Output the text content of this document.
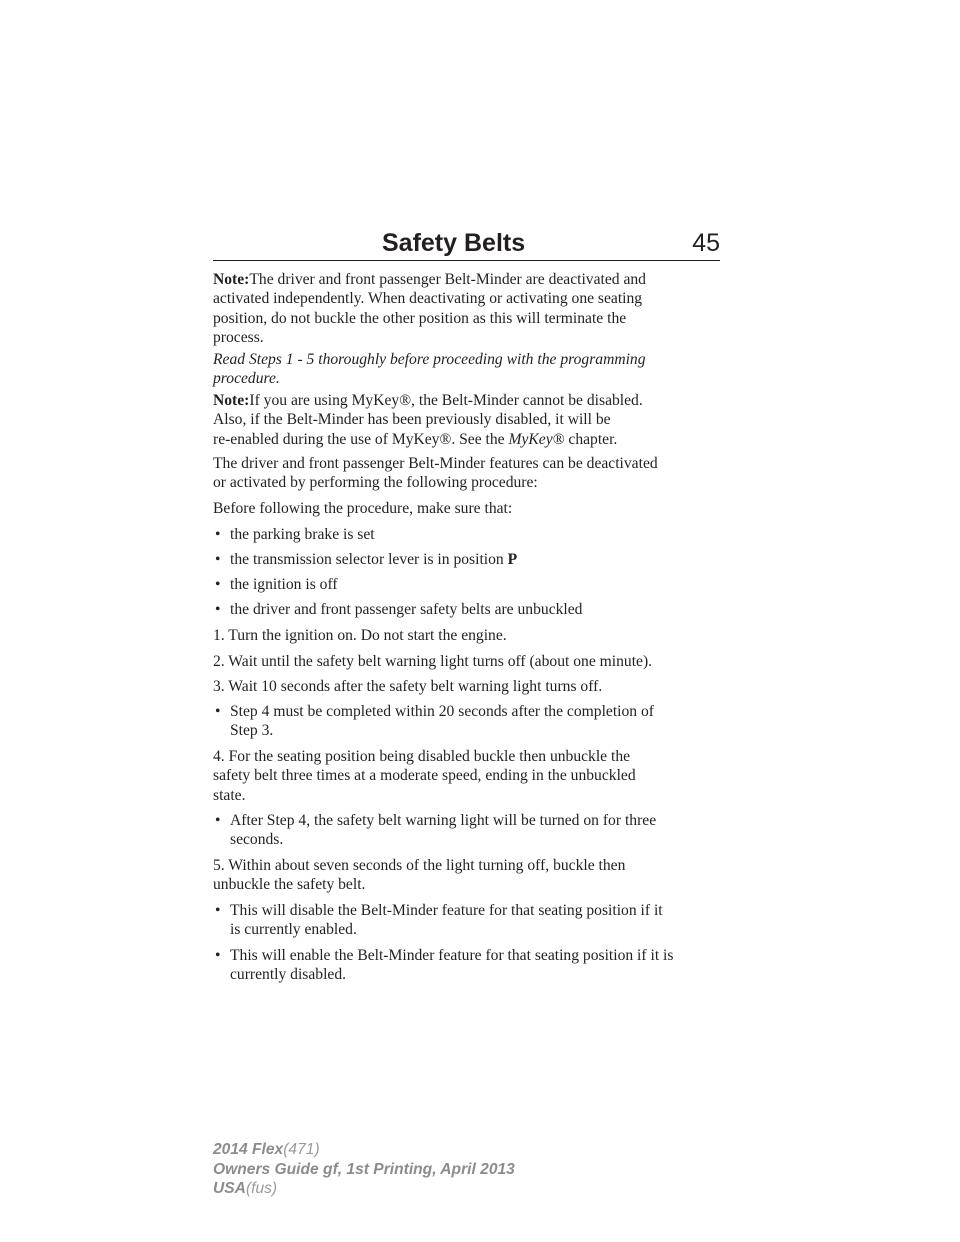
Safety Belts	45
Note:The driver and front passenger Belt-Minder are deactivated and
activated independently. When deactivating or activating one seating
position, do not buckle the other position as this will terminate the
process.
Read Steps 1 - 5 thoroughly before proceeding with the programming
procedure.
Note:If you are using MyKey®, the Belt-Minder cannot be disabled.
Also, if the Belt-Minder has been previously disabled, it will be
re-enabled during the use of MyKey®. See the MyKey® chapter.
The driver and front passenger Belt-Minder features can be deactivated
or activated by performing the following procedure:
Before following the procedure, make sure that:
• the parking brake is set
• the transmission selector lever is in position P
• the ignition is off
• the driver and front passenger safety belts are unbuckled
1. Turn the ignition on. Do not start the engine.
2. Wait until the safety belt warning light turns off (about one minute).
3. Wait 10 seconds after the safety belt warning light turns off.
• Step 4 must be completed within 20 seconds after the completion of
Step 3.
4. For the seating position being disabled buckle then unbuckle the
safety belt three times at a moderate speed, ending in the unbuckled
state.
• After Step 4, the safety belt warning light will be turned on for three
seconds.
5. Within about seven seconds of the light turning off, buckle then
unbuckle the safety belt.
• This will disable the Belt-Minder feature for that seating position if it
is currently enabled.
• This will enable the Belt-Minder feature for that seating position if it is
currently disabled.
2014 Flex(471)
Owners Guide gf, 1st Printing, April 2013
USA(fus)
